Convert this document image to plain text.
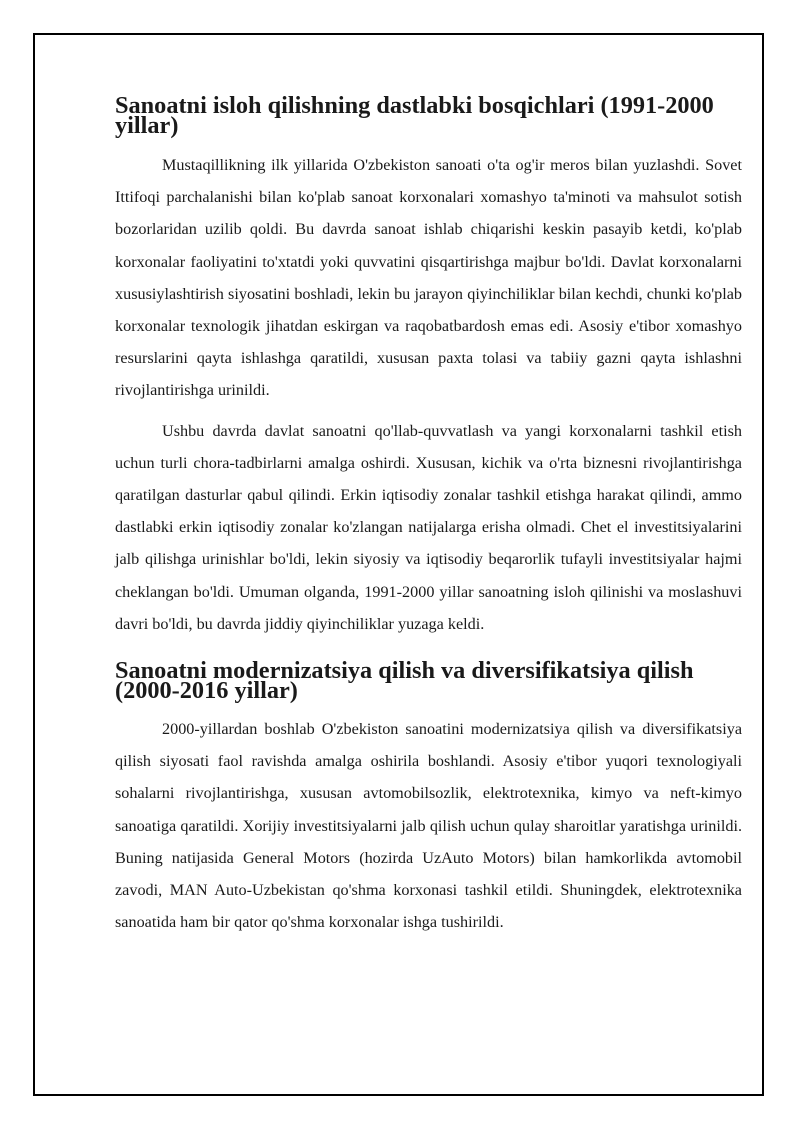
Sanoatni isloh qilishning dastlabki bosqichlari (1991-2000 yillar)

Mustaqillikning ilk yillarida O'zbekiston sanoati o'ta og'ir meros bilan yuzlashdi. Sovet Ittifoqi parchalanishi bilan ko'plab sanoat korxonalari xomashyo ta'minoti va mahsulot sotish bozorlaridan uzilib qoldi. Bu davrda sanoat ishlab chiqarishi keskin pasayib ketdi, ko'plab korxonalar faoliyatini to'xtatdi yoki quvvatini qisqartirishga majbur bo'ldi. Davlat korxonalarni xususiylashtirish siyosatini boshladi, lekin bu jarayon qiyinchiliklar bilan kechdi, chunki ko'plab korxonalar texnologik jihatdan eskirgan va raqobatbardosh emas edi. Asosiy e'tibor xomashyo resurslarini qayta ishlashga qaratildi, xususan paxta tolasi va tabiiy gazni qayta ishlashni rivojlantirishga urinildi.

Ushbu davrda davlat sanoatni qo'llab-quvvatlash va yangi korxonalarni tashkil etish uchun turli chora-tadbirlarni amalga oshirdi. Xususan, kichik va o'rta biznesni rivojlantirishga qaratilgan dasturlar qabul qilindi. Erkin iqtisodiy zonalar tashkil etishga harakat qilindi, ammo dastlabki erkin iqtisodiy zonalar ko'zlangan natijalarga erisha olmadi. Chet el investitsiyalarini jalb qilishga urinishlar bo'ldi, lekin siyosiy va iqtisodiy beqarorlik tufayli investitsiyalar hajmi cheklangan bo'ldi. Umuman olganda, 1991-2000 yillar sanoatning isloh qilinishi va moslashuvi davri bo'ldi, bu davrda jiddiy qiyinchiliklar yuzaga keldi.

Sanoatni modernizatsiya qilish va diversifikatsiya qilish (2000-2016 yillar)

2000-yillardan boshlab O'zbekiston sanoatini modernizatsiya qilish va diversifikatsiya qilish siyosati faol ravishda amalga oshirila boshlandi. Asosiy e'tibor yuqori texnologiyali sohalarni rivojlantirishga, xususan avtomobilsozlik, elektrotexnika, kimyo va neft-kimyo sanoatiga qaratildi. Xorijiy investitsiyalarni jalb qilish uchun qulay sharoitlar yaratishga urinildi. Buning natijasida General Motors (hozirda UzAuto Motors) bilan hamkorlikda avtomobil zavodi, MAN Auto-Uzbekistan qo'shma korxonasi tashkil etildi. Shuningdek, elektrotexnika sanoatida ham bir qator qo'shma korxonalar ishga tushirildi.
